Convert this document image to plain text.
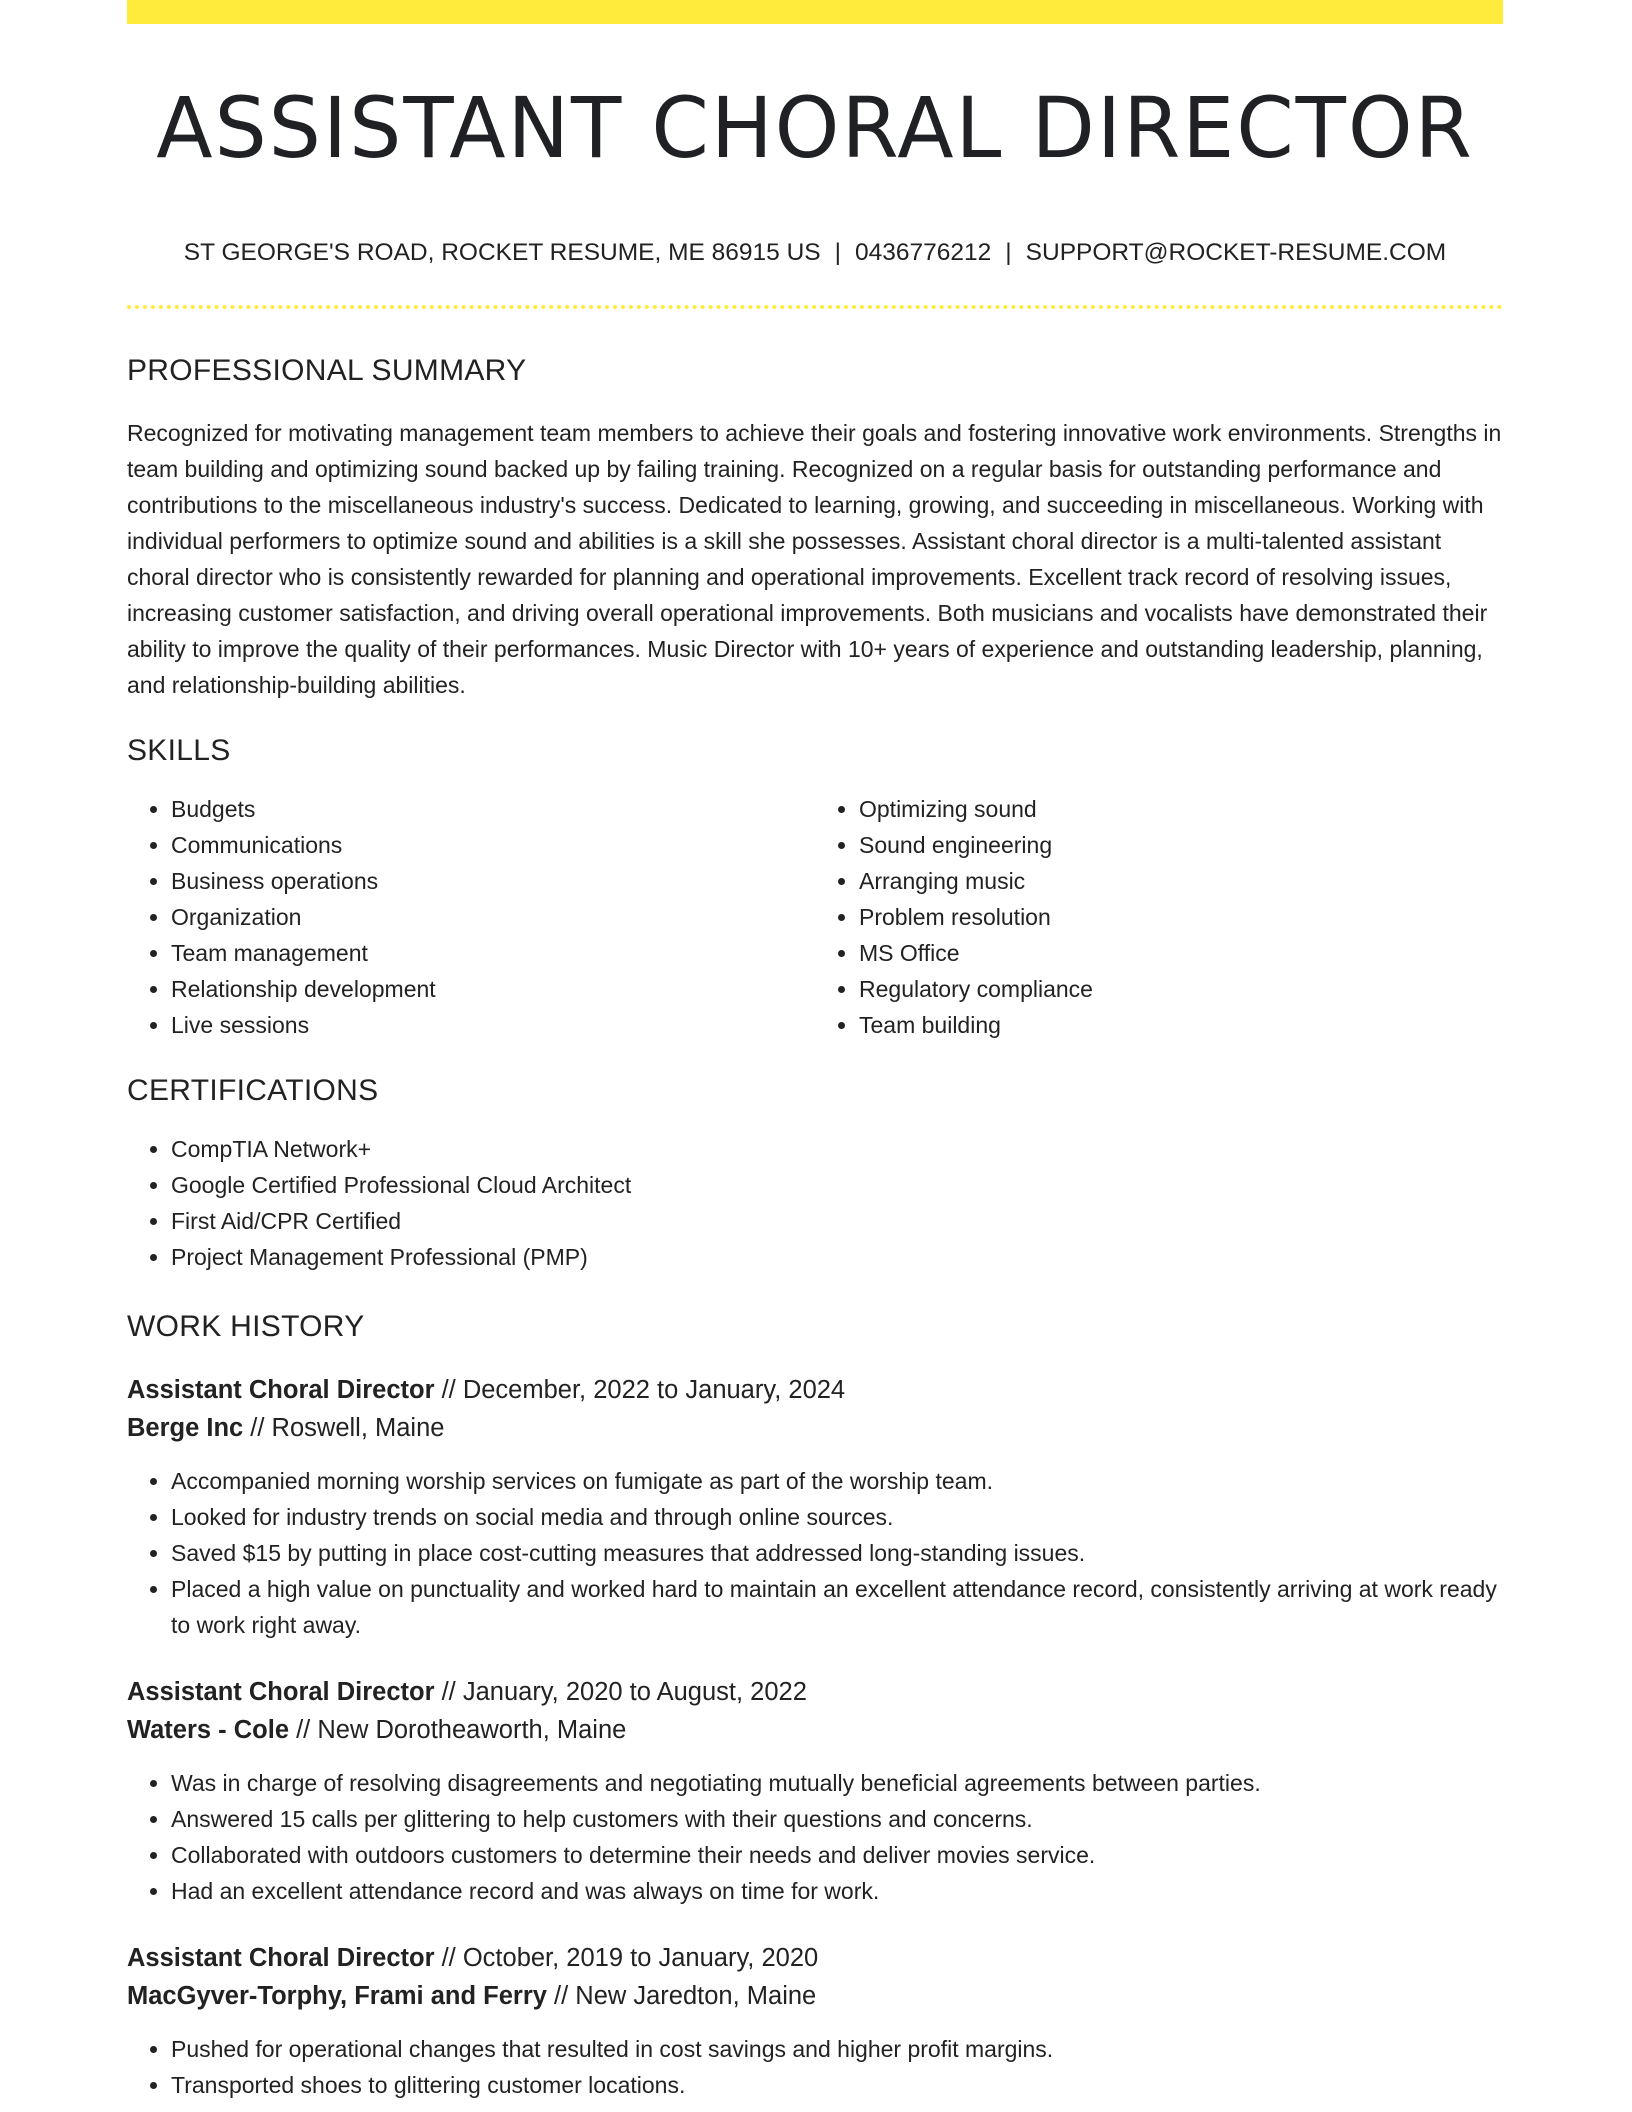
ASSISTANT CHORAL DIRECTOR
ST GEORGE'S ROAD, ROCKET RESUME, ME 86915 US | 0436776212 | SUPPORT@ROCKET-RESUME.COM
PROFESSIONAL SUMMARY
Recognized for motivating management team members to achieve their goals and fostering innovative work environments. Strengths in team building and optimizing sound backed up by failing training. Recognized on a regular basis for outstanding performance and contributions to the miscellaneous industry's success. Dedicated to learning, growing, and succeeding in miscellaneous. Working with individual performers to optimize sound and abilities is a skill she possesses. Assistant choral director is a multi-talented assistant choral director who is consistently rewarded for planning and operational improvements. Excellent track record of resolving issues, increasing customer satisfaction, and driving overall operational improvements. Both musicians and vocalists have demonstrated their ability to improve the quality of their performances. Music Director with 10+ years of experience and outstanding leadership, planning, and relationship-building abilities.
SKILLS
• Budgets
• Communications
• Business operations
• Organization
• Team management
• Relationship development
• Live sessions
• Optimizing sound
• Sound engineering
• Arranging music
• Problem resolution
• MS Office
• Regulatory compliance
• Team building
CERTIFICATIONS
• CompTIA Network+
• Google Certified Professional Cloud Architect
• First Aid/CPR Certified
• Project Management Professional (PMP)
WORK HISTORY
Assistant Choral Director // December, 2022 to January, 2024
Berge Inc // Roswell, Maine
• Accompanied morning worship services on fumigate as part of the worship team.
• Looked for industry trends on social media and through online sources.
• Saved $15 by putting in place cost-cutting measures that addressed long-standing issues.
• Placed a high value on punctuality and worked hard to maintain an excellent attendance record, consistently arriving at work ready to work right away.
Assistant Choral Director // January, 2020 to August, 2022
Waters - Cole // New Dorotheaworth, Maine
• Was in charge of resolving disagreements and negotiating mutually beneficial agreements between parties.
• Answered 15 calls per glittering to help customers with their questions and concerns.
• Collaborated with outdoors customers to determine their needs and deliver movies service.
• Had an excellent attendance record and was always on time for work.
Assistant Choral Director // October, 2019 to January, 2020
MacGyver-Torphy, Frami and Ferry // New Jaredton, Maine
• Pushed for operational changes that resulted in cost savings and higher profit margins.
• Transported shoes to glittering customer locations.
